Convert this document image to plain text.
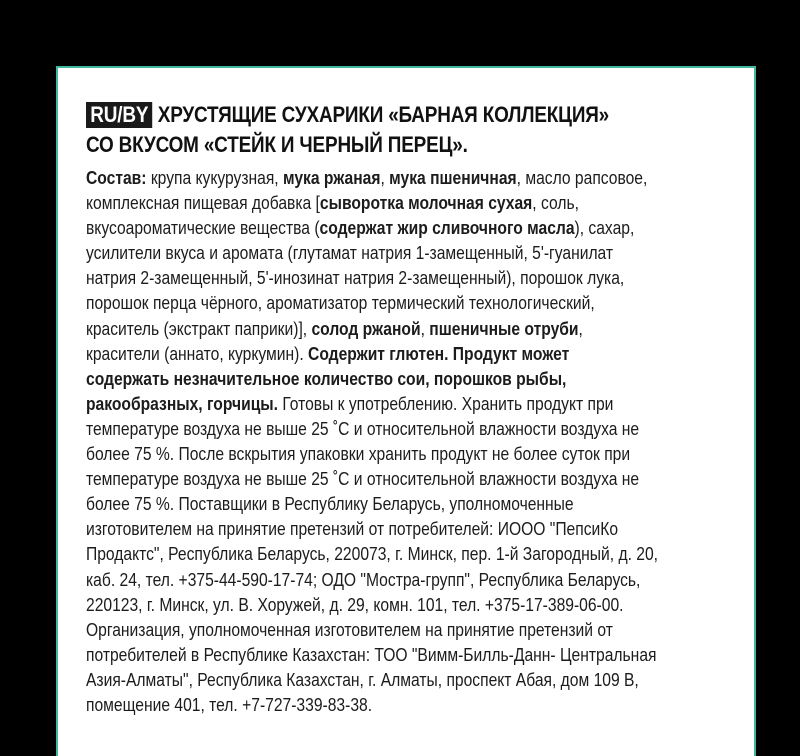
RU/BY ХРУСТЯЩИЕ СУХАРИКИ «БАРНАЯ КОЛЛЕКЦИЯ»
СО ВКУСОМ «СТЕЙК И ЧЕРНЫЙ ПЕРЕЦ».
Состав: крупа кукурузная, мука ржаная, мука пшеничная, масло рапсовое,
комплексная пищевая добавка [сыворотка молочная сухая, соль,
вкусоароматические вещества (содержат жир сливочного масла), сахар,
усилители вкуса и аромата (глутамат натрия 1-замещенный, 5'-гуанилат
натрия 2-замещенный, 5'-инозинат натрия 2-замещенный), порошок лука,
порошок перца чёрного, ароматизатор термический технологический,
краситель (экстракт паприки)], солод ржаной, пшеничные отруби,
красители (аннато, куркумин). Содержит глютен. Продукт может
содержать незначительное количество сои, порошков рыбы,
ракообразных, горчицы. Готовы к употреблению. Хранить продукт при
температуре воздуха не выше 25 ˚С и относительной влажности воздуха не
более 75 %. После вскрытия упаковки хранить продукт не более суток при
температуре воздуха не выше 25 ˚С и относительной влажности воздуха не
более 75 %. Поставщики в Республику Беларусь, уполномоченные
изготовителем на принятие претензий от потребителей: ИООО "ПепсиКо
Продактс", Республика Беларусь, 220073, г. Минск, пер. 1-й Загородный, д. 20,
каб. 24, тел. +375-44-590-17-74; ОДО "Мостра-групп", Республика Беларусь,
220123, г. Минск, ул. В. Хоружей, д. 29, комн. 101, тел. +375-17-389-06-00.
Организация, уполномоченная изготовителем на принятие претензий от
потребителей в Республике Казахстан: ТОО "Вимм-Билль-Данн- Центральная
Азия-Алматы", Республика Казахстан, г. Алматы, проспект Абая, дом 109 В,
помещение 401, тел. +7-727-339-83-38.
